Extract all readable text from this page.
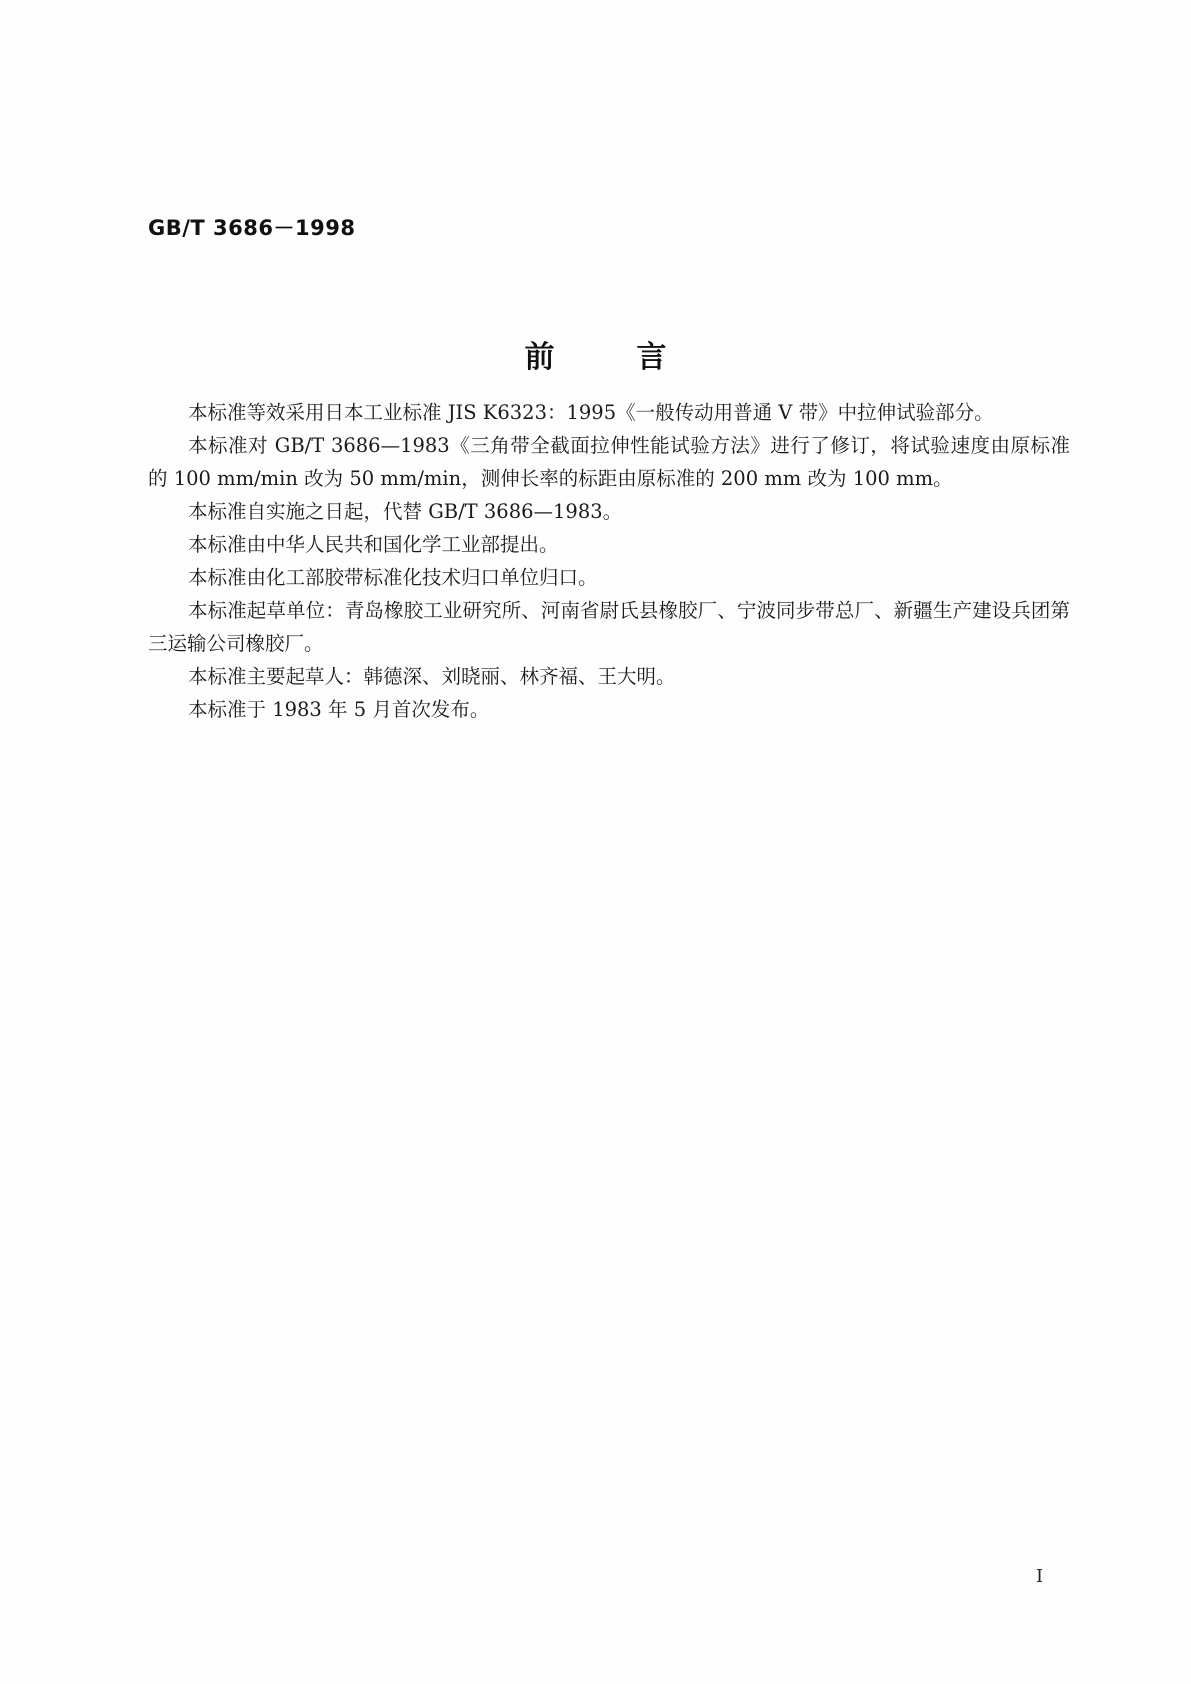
GB/T 3686－1998
前言

本标准等效采用日本工业标准 JIS K6323：1995《一般传动用普通 V 带》中拉伸试验部分。

本标准对 GB/T 3686—1983《三角带全截面拉伸性能试验方法》进行了修订，将试验速度由原标准的 100 mm/min 改为 50 mm/min，测伸长率的标距由原标准的 200 mm 改为 100 mm。

本标准自实施之日起，代替 GB/T 3686—1983。

本标准由中华人民共和国化学工业部提出。

本标准由化工部胶带标准化技术归口单位归口。

本标准起草单位：青岛橡胶工业研究所、河南省尉氏县橡胶厂、宁波同步带总厂、新疆生产建设兵团第三运输公司橡胶厂。

本标准主要起草人：韩德深、刘晓丽、林齐福、王大明。

本标准于 1983 年 5 月首次发布。

I
